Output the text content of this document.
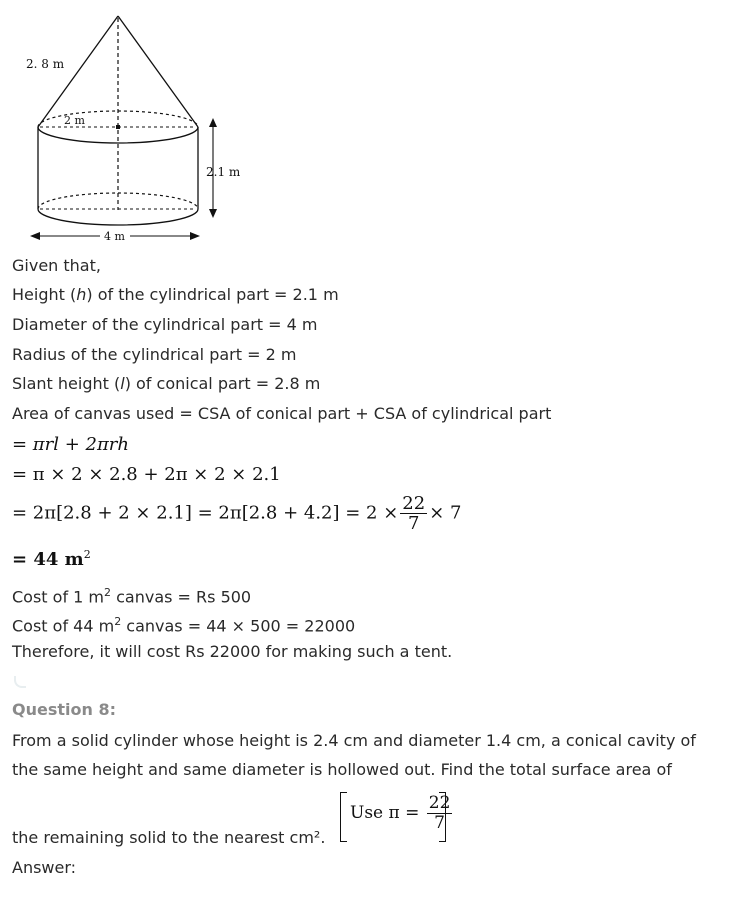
2. 8 m
2 m
2.1 m
4 m
Given that,
Height (h) of the cylindrical part = 2.1 m
Diameter of the cylindrical part = 4 m
Radius of the cylindrical part = 2 m
Slant height (l) of conical part = 2.8 m
Area of canvas used = CSA of conical part + CSA of cylindrical part
= πrl + 2πrh
= π × 2 × 2.8 + 2π × 2 × 2.1
= $2\pi[2.8 + 2 \times 2.1] = 2\pi[2.8 + 4.2] = 2 \times \frac{22}{7} \times 7$
= 44 $m^2$
Cost of 1 $m^2$ canvas = Rs 500
Cost of 44 $m^2$ canvas = 44 × 500 = 22000
Therefore, it will cost Rs 22000 for making such a tent.
Question 8:
From a solid cylinder whose height is 2.4 cm and diameter 1.4 cm, a conical cavity of
the same height and same diameter is hollowed out. Find the total surface area of
the remaining solid to the nearest cm².
Use $\pi = \frac{22}{7}$
Answer:
